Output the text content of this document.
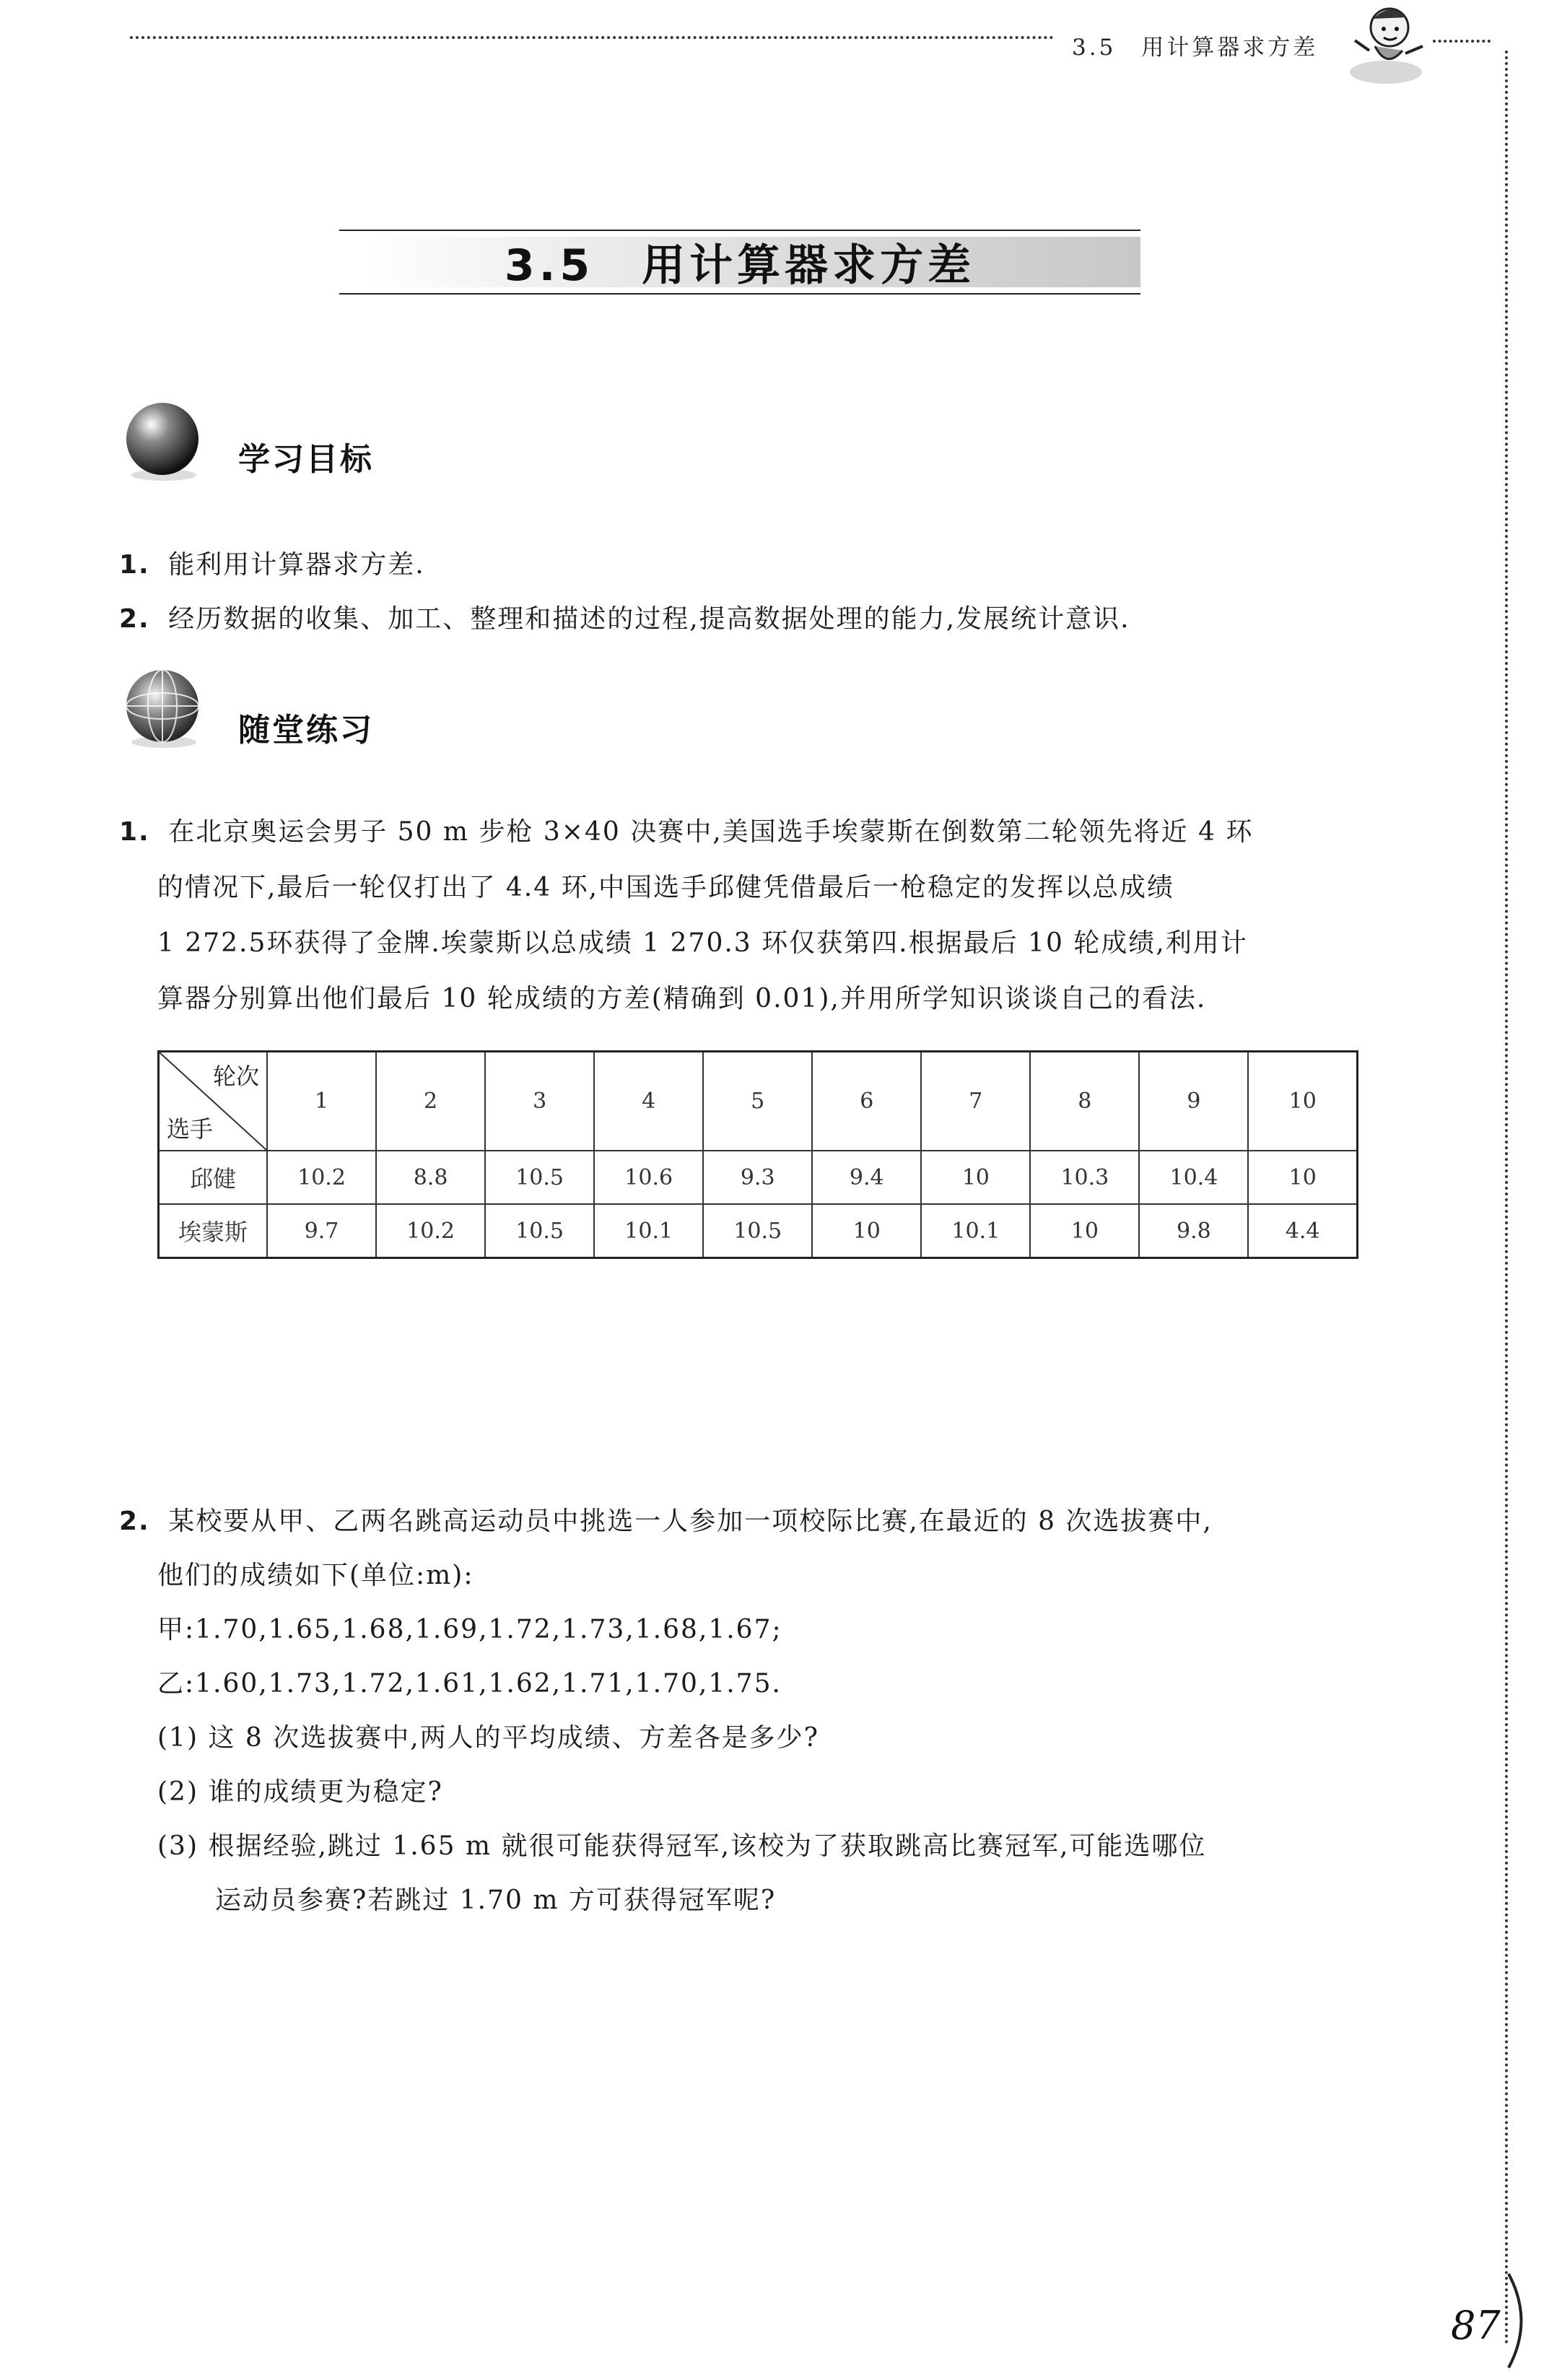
3.5　用计算器求方差
3.5　用计算器求方差
学习目标
1. 能利用计算器求方差.
2. 经历数据的收集、加工、整理和描述的过程,提高数据处理的能力,发展统计意识.
随堂练习
1. 在北京奥运会男子 50 m 步枪 3×40 决赛中,美国选手埃蒙斯在倒数第二轮领先将近 4 环
的情况下,最后一轮仅打出了 4.4 环,中国选手邱健凭借最后一枪稳定的发挥以总成绩
1 272.5环获得了金牌.埃蒙斯以总成绩 1 270.3 环仅获第四.根据最后 10 轮成绩,利用计
算器分别算出他们最后 10 轮成绩的方差(精确到 0.01),并用所学知识谈谈自己的看法.
轮次
选手	1	2	3	4	5	6	7	8	9	10
邱健	10.2	8.8	10.5	10.6	9.3	9.4	10	10.3	10.4	10
埃蒙斯	9.7	10.2	10.5	10.1	10.5	10	10.1	10	9.8	4.4
2. 某校要从甲、乙两名跳高运动员中挑选一人参加一项校际比赛,在最近的 8 次选拔赛中,
他们的成绩如下(单位:m):
甲:1.70,1.65,1.68,1.69,1.72,1.73,1.68,1.67;
乙:1.60,1.73,1.72,1.61,1.62,1.71,1.70,1.75.
(1) 这 8 次选拔赛中,两人的平均成绩、方差各是多少?
(2) 谁的成绩更为稳定?
(3) 根据经验,跳过 1.65 m 就很可能获得冠军,该校为了获取跳高比赛冠军,可能选哪位
运动员参赛?若跳过 1.70 m 方可获得冠军呢?
87
